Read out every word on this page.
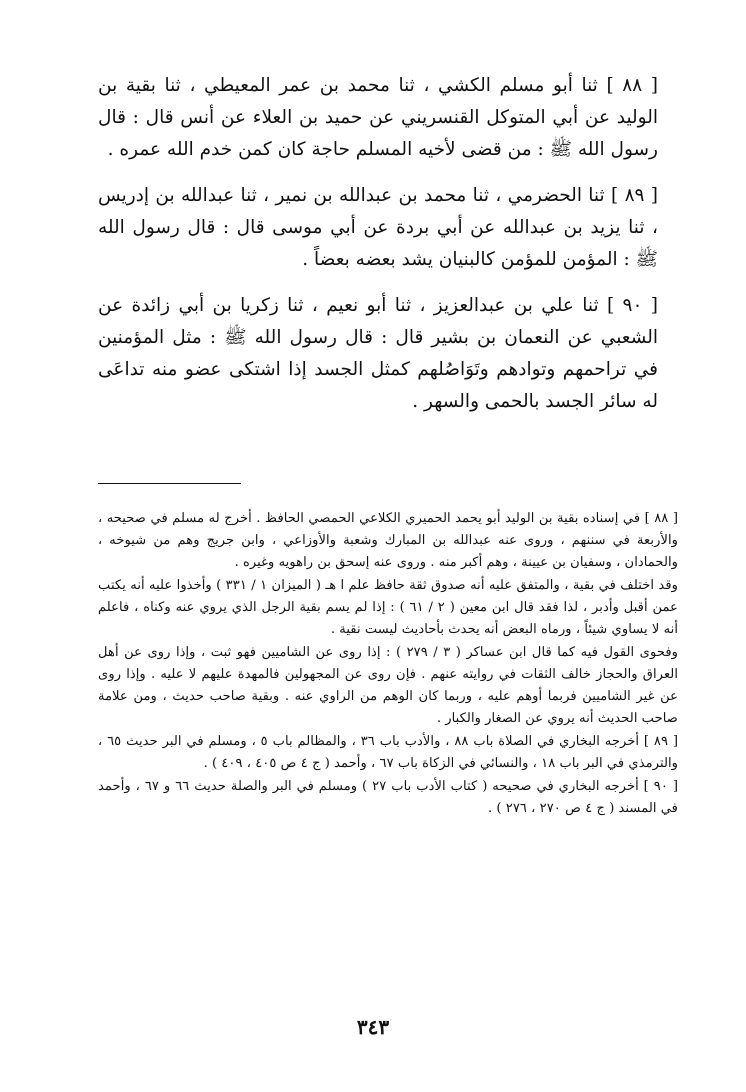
[ ٨٨ ] ثنا أبو مسلم الكشي ، ثنا محمد بن عمر المعيطي ، ثنا بقية بن الوليد عن أبي المتوكل القنسريني عن حميد بن العلاء عن أنس قال : قال رسول الله ﷺ : من قضى لأخيه المسلم حاجة كان كمن خدم الله عمره .

[ ٨٩ ] ثنا الحضرمي ، ثنا محمد بن عبدالله بن نمير ، ثنا عبدالله بن إدريس ، ثنا يزيد بن عبدالله عن أبي بردة عن أبي موسى قال : قال رسول الله ﷺ : المؤمن للمؤمن كالبنيان يشد بعضه بعضاً .

[ ٩٠ ] ثنا علي بن عبدالعزيز ، ثنا أبو نعيم ، ثنا زكريا بن أبي زائدة عن الشعبي عن النعمان بن بشير قال : قال رسول الله ﷺ : مثل المؤمنين في تراحمهم وتوادهم وتَوَاصُلهم كمثل الجسد إذا اشتكى عضو منه تداعَى له سائر الجسد بالحمى والسهر .

[ ٨٨ ] في إسناده بقية بن الوليد أبو يحمد الحميري الكلاعي الحمصي الحافظ . أخرج له مسلم في صحيحه ، والأربعة في سننهم ، وروى عنه عبدالله بن المبارك وشعبة والأوزاعي ، وابن جريج وهم من شيوخه ، والحمادان ، وسفيان بن عيينة ، وهم أكبر منه . وروى عنه إسحق بن راهويه وغيره .

وقد اختلف في بقية ، والمتفق عليه أنه صدوق ثقة حافظ علم ا هـ ( الميزان ١ / ٣٣١ ) وأخذوا عليه أنه يكتب عمن أقبل وأدبر ، لذا فقد قال ابن معين ( ٢ / ٦١ ) : إذا لم يسم بقية الرجل الذي يروي عنه وكناه ، فاعلم أنه لا يساوي شيئاً ، ورماه البعض أنه يحدث بأحاديث ليست نقية .

وفحوى القول فيه كما قال ابن عساكر ( ٣ / ٢٧٩ ) : إذا روى عن الشاميين فهو ثبت ، وإذا روى عن أهل العراق والحجاز خالف الثقات في روايته عنهم . فإن روى عن المجهولين فالمهدة عليهم لا عليه . وإذا روى عن غير الشاميين فربما أوهم عليه ، وربما كان الوهم من الراوي عنه . وبقية صاحب حديث ، ومن علامة صاحب الحديث أنه يروي عن الصغار والكبار .

[ ٨٩ ] أخرجه البخاري في الصلاة باب ٨٨ ، والأدب باب ٣٦ ، والمظالم باب ٥ ، ومسلم في البر حديث ٦٥ ، والترمذي في البر باب ١٨ ، والنسائي في الزكاة باب ٦٧ ، وأحمد ( ج ٤ ص ٤٠٥ ، ٤٠٩ ) .

[ ٩٠ ] أخرجه البخاري في صحيحه ( كتاب الأدب باب ٢٧ ) ومسلم في البر والصلة حديث ٦٦ و ٦٧ ، وأحمد في المسند ( ج ٤ ص ٢٧٠ ، ٢٧٦ ) .

٣٤٣
